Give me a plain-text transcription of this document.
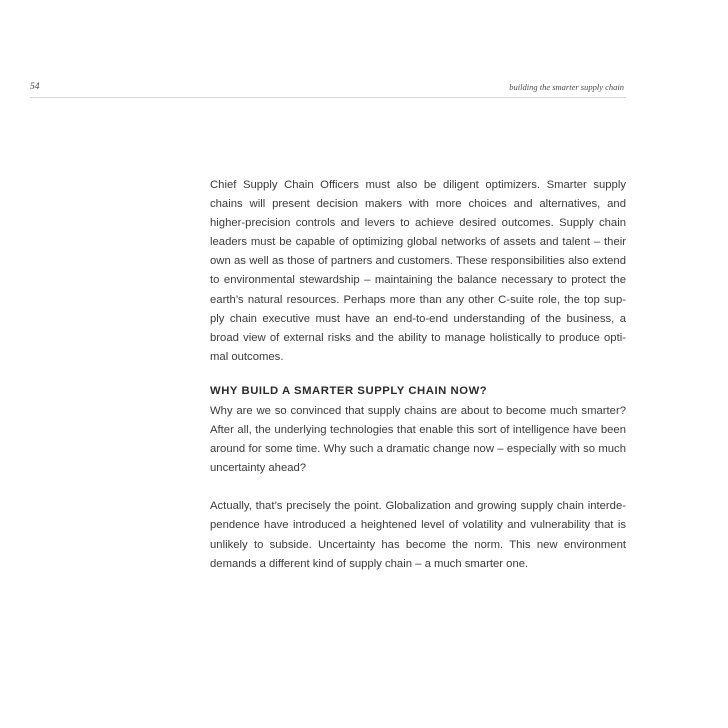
54	building the smarter supply chain

Chief Supply Chain Officers must also be diligent optimizers. Smarter supply chains will present decision makers with more choices and alternatives, and higher-precision controls and levers to achieve desired outcomes. Supply chain leaders must be capable of optimizing global networks of assets and talent – their own as well as those of partners and customers. These responsibilities also extend to environmental stewardship – maintaining the balance necessary to protect the earth’s natural resources. Perhaps more than any other C-suite role, the top sup-ply chain executive must have an end-to-end understanding of the business, a broad view of external risks and the ability to manage holistically to produce opti-mal outcomes.

WHY BUILD A SMARTER SUPPLY CHAIN NOW?

Why are we so convinced that supply chains are about to become much smarter? After all, the underlying technologies that enable this sort of intelligence have been around for some time. Why such a dramatic change now – especially with so much uncertainty ahead?

Actually, that’s precisely the point. Globalization and growing supply chain interde-pendence have introduced a heightened level of volatility and vulnerability that is unlikely to subside. Uncertainty has become the norm. This new environment demands a different kind of supply chain – a much smarter one.
